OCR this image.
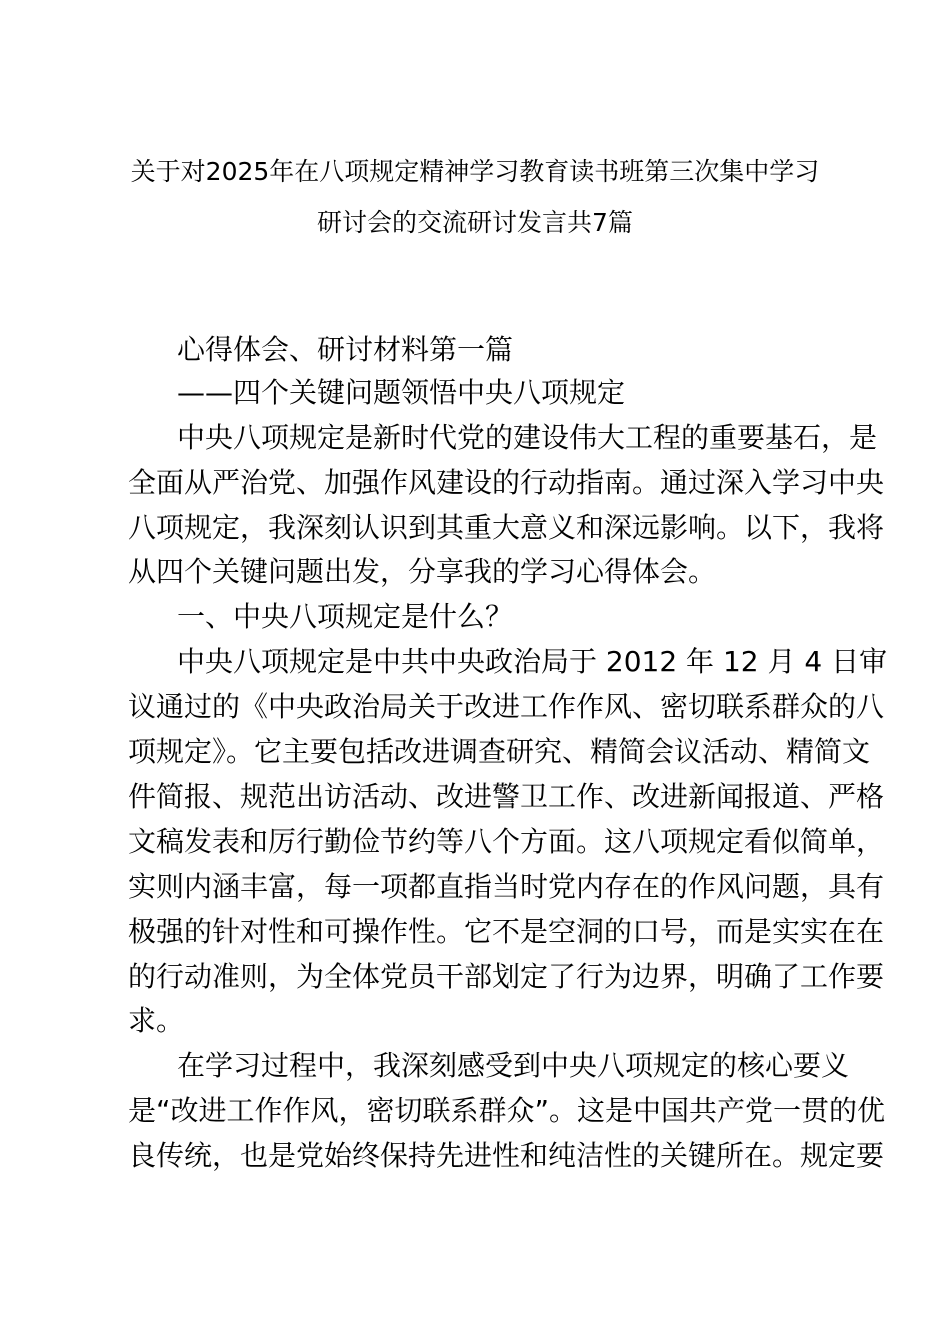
关于对2025年在八项规定精神学习教育读书班第三次集中学习
研讨会的交流研讨发言共7篇
心得体会、研讨材料第一篇
——四个关键问题领悟中央八项规定
中央八项规定是新时代党的建设伟大工程的重要基石，是
全面从严治党、加强作风建设的行动指南。通过深入学习中央
八项规定，我深刻认识到其重大意义和深远影响。以下，我将
从四个关键问题出发，分享我的学习心得体会。
一、中央八项规定是什么？
中央八项规定是中共中央政治局于 2012 年 12 月 4 日审
议通过的《中央政治局关于改进工作作风、密切联系群众的八
项规定》。它主要包括改进调查研究、精简会议活动、精简文
件简报、规范出访活动、改进警卫工作、改进新闻报道、严格
文稿发表和厉行勤俭节约等八个方面。这八项规定看似简单，
实则内涵丰富，每一项都直指当时党内存在的作风问题，具有
极强的针对性和可操作性。它不是空洞的口号，而是实实在在
的行动准则，为全体党员干部划定了行为边界，明确了工作要
求。
在学习过程中，我深刻感受到中央八项规定的核心要义
是“改进工作作风，密切联系群众”。这是中国共产党一贯的优
良传统，也是党始终保持先进性和纯洁性的关键所在。规定要
